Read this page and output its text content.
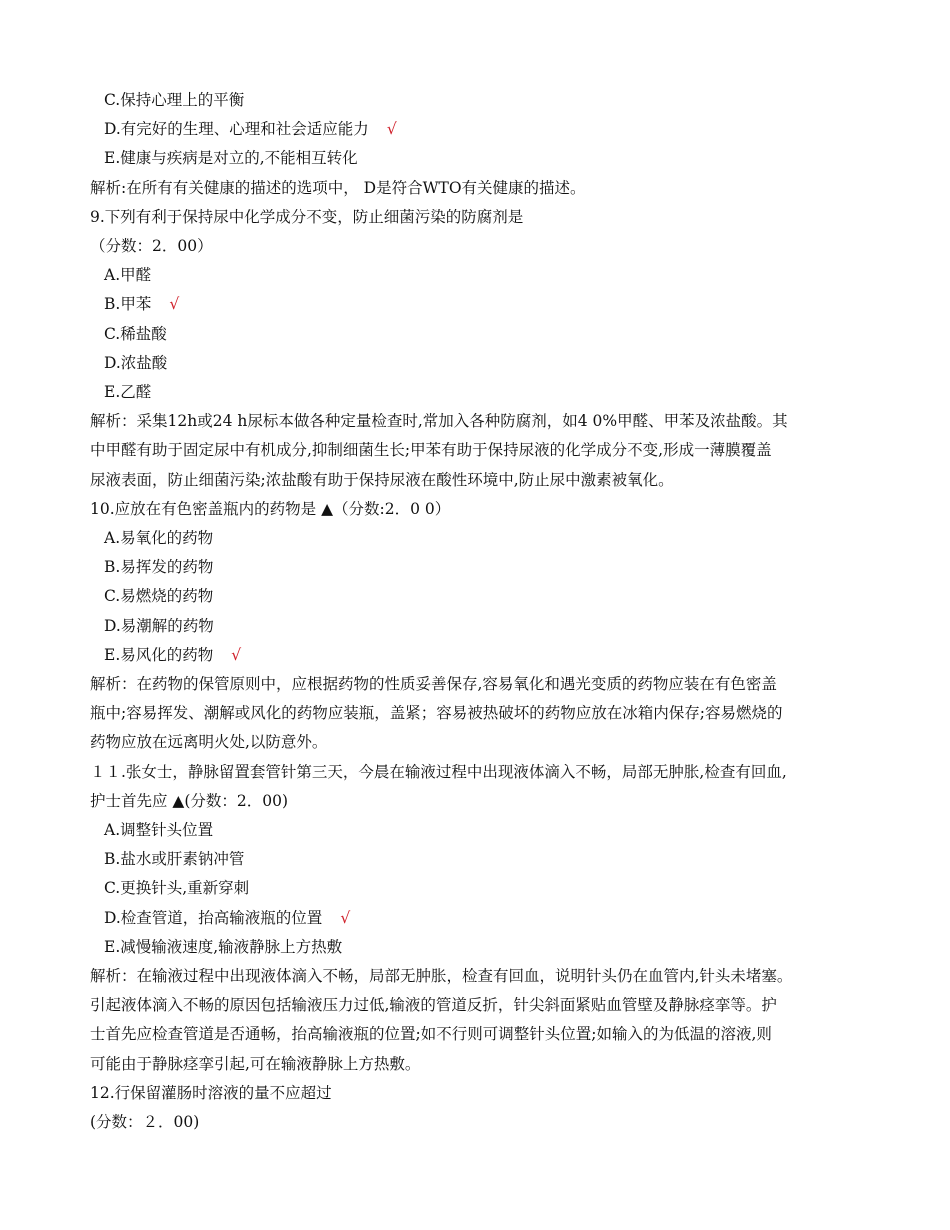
C.保持心理上的平衡
D.有完好的生理、心理和社会适应能力 √
E.健康与疾病是对立的,不能相互转化
解析:在所有有关健康的描述的选项中， D是符合WTO有关健康的描述。
9.下列有利于保持尿中化学成分不变，防止细菌污染的防腐剂是
（分数：2．00）
A.甲醛
B.甲苯 √
C.稀盐酸
D.浓盐酸
E.乙醛
解析：采集12h或24 h尿标本做各种定量检查时,常加入各种防腐剂，如4 0%甲醛、甲苯及浓盐酸。其
中甲醛有助于固定尿中有机成分,抑制细菌生长;甲苯有助于保持尿液的化学成分不变,形成一薄膜覆盖
尿液表面，防止细菌污染;浓盐酸有助于保持尿液在酸性环境中,防止尿中激素被氧化。
10.应放在有色密盖瓶内的药物是 ▲（分数:2．0 0）
A.易氧化的药物
B.易挥发的药物
C.易燃烧的药物
D.易潮解的药物
E.易风化的药物 √
解析：在药物的保管原则中，应根据药物的性质妥善保存,容易氧化和遇光变质的药物应装在有色密盖
瓶中;容易挥发、潮解或风化的药物应装瓶，盖紧；容易被热破坏的药物应放在冰箱内保存;容易燃烧的
药物应放在远离明火处,以防意外。
１１.张女士，静脉留置套管针第三天，今晨在输液过程中出现液体滴入不畅，局部无肿胀,检查有回血,
护士首先应 ▲(分数：2．00)
A.调整针头位置
B.盐水或肝素钠冲管
C.更换针头,重新穿刺
D.检查管道，抬高输液瓶的位置 √
E.减慢输液速度,输液静脉上方热敷
解析：在输液过程中出现液体滴入不畅，局部无肿胀，检查有回血，说明针头仍在血管内,针头未堵塞。
引起液体滴入不畅的原因包括输液压力过低,输液的管道反折，针尖斜面紧贴血管壁及静脉痉挛等。护
士首先应检查管道是否通畅，抬高输液瓶的位置;如不行则可调整针头位置;如输入的为低温的溶液,则
可能由于静脉痉挛引起,可在输液静脉上方热敷。
12.行保留灌肠时溶液的量不应超过
(分数：２．00)
